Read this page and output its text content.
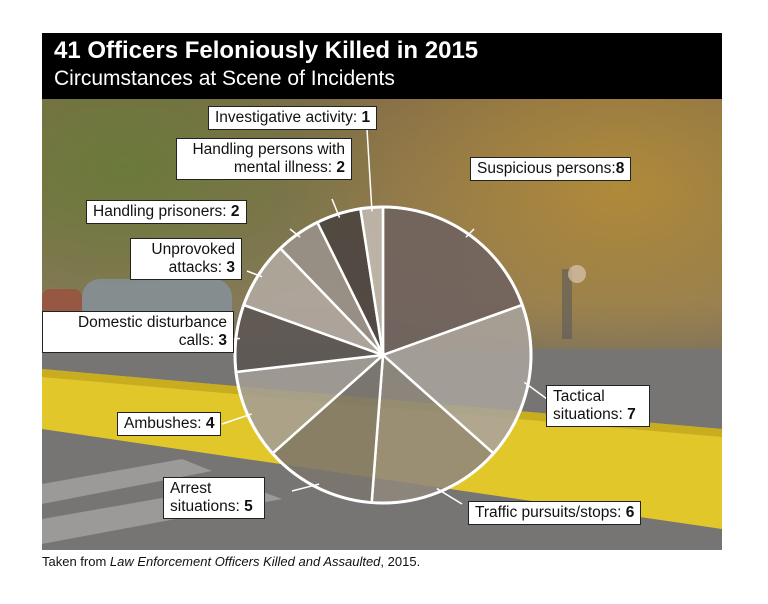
41 Officers Feloniously Killed in 2015
Circumstances at Scene of Incidents
Suspicious persons:8
Tactical situations: 7
Traffic pursuits/stops: 6
Arrest situations: 5
Ambushes: 4
Domestic disturbance calls: 3
Unprovoked attacks: 3
Handling prisoners: 2
Handling persons with mental illness: 2
Investigative activity: 1
Taken from Law Enforcement Officers Killed and Assaulted, 2015.
